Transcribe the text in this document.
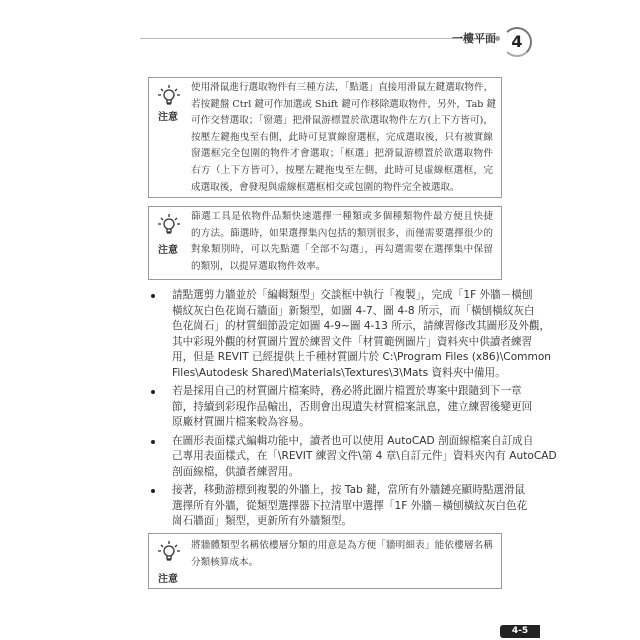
一樓平面 4
注意
使用滑鼠進行選取物件有三種方法，「點選」直接用滑鼠左鍵選取物件，
若按鍵盤 Ctrl 鍵可作加選或 Shift 鍵可作移除選取物件，另外，Tab 鍵
可作交替選取；「窗選」把滑鼠游標置於欲選取物件左方(上下方皆可)，
按壓左鍵拖曳至右側，此時可見實線窗選框，完成選取後，只有被實線
窗選框完全包圍的物件才會選取；「框選」把滑鼠游標置於欲選取物件
右方（上下方皆可），按壓左鍵拖曳至左側，此時可見虛線框選框，完
成選取後，會發現與虛線框選框相交或包圍的物件完全被選取。
注意
篩選工具是依物件品類快速選擇一種類或多個種類物件最方便且快捷
的方法。篩選時，如果選擇集內包括的類別很多，而僅需要選擇很少的
對象類別時，可以先點選「全部不勾選」，再勾選需要在選擇集中保留
的類別，以提昇選取物件效率。
請點選剪力牆並於「編輯類型」交談框中執行「複製」，完成「1F 外牆－橫刨
橫紋灰白色花崗石牆面」新類型，如圖 4-7、圖 4-8 所示，而「橫刨橫紋灰白
色花崗石」的材質細節設定如圖 4-9~圖 4-13 所示，請練習修改其圖形及外觀，
其中彩現外觀的材質圖片置於練習文件「材質範例圖片」資料夾中供讀者練習
用，但是 REVIT 已經提供上千種材質圖片於 C:\Program Files (x86)\Common
Files\Autodesk Shared\Materials\Textures\3\Mats 資料夾中備用。
若是採用自己的材質圖片檔案時，務必將此圖片檔置於專案中跟隨到下一章
節，持續到彩現作品輸出，否則會出現遺失材質檔案訊息，建立練習後變更回
原廠材質圖片檔案較為容易。
在圖形表面樣式編輯功能中，讀者也可以使用 AutoCAD 剖面線檔案自訂成自
己專用表面樣式，在「\REVIT 練習文件\第 4 章\自訂元件」資料夾內有 AutoCAD
剖面線檔，供讀者練習用。
接著，移動游標到複製的外牆上，按 Tab 鍵，當所有外牆鏈亮顯時點選滑鼠
選擇所有外牆，從類型選擇器下拉清單中選擇「1F 外牆－橫刨橫紋灰白色花
崗石牆面」類型，更新所有外牆類型。
注意
將牆體類型名稱依樓層分類的用意是為方便「牆明細表」能依樓層名稱
分類核算成本。
4-5
